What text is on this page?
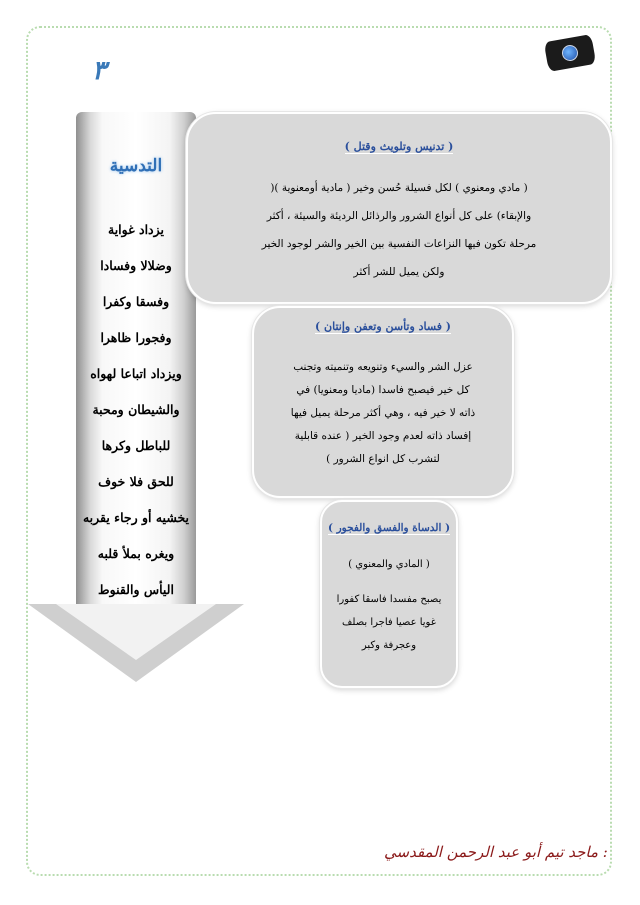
٣
التدسية
يزداد غواية
وضلالا وفسادا
وفسقا وكفرا
وفجورا ظاهرا
ويزداد اتباعا لهواه
والشيطان ومحبة
للباطل وكرها
للحق فلا خوف
يخشيه أو رجاء يقربه
ويغره بملأ قلبه
اليأس والقنوط
( تدنيس وتلويث وقتل )

( مادي ومعنوي ) لكل فسيلة حُسن وخير ( مادية أومعنوية )(

والإبقاء) على كل أنواع الشرور والرذائل الرديئة والسيئة ، أكثر

مرحلة تكون فيها النزاعات النفسية بين الخير والشر لوجود الخير

ولكن يميل للشر أكثر

( فساد وتأسن وتعفن وإنتان )

عزل الشر والسيء وتنويعه وتنميته وتجنب

كل خير فيصبح فاسدا (ماديا ومعنويا) في

ذاته لا خير فيه ، وهي أكثر مرحلة يميل فيها

إفساد ذاته لعدم وجود الخير ( عنده قابلية

لتشرب كل انواع الشرور )

( الدساة والفسق والفجور )

( المادي والمعنوي )

يصبح مفسدا فاسقا كفورا

غويا عصيا فاجرا بصلف

وعجرفة وكبر

: ماجد تيم أبو عبد الرحمن المقدسي
